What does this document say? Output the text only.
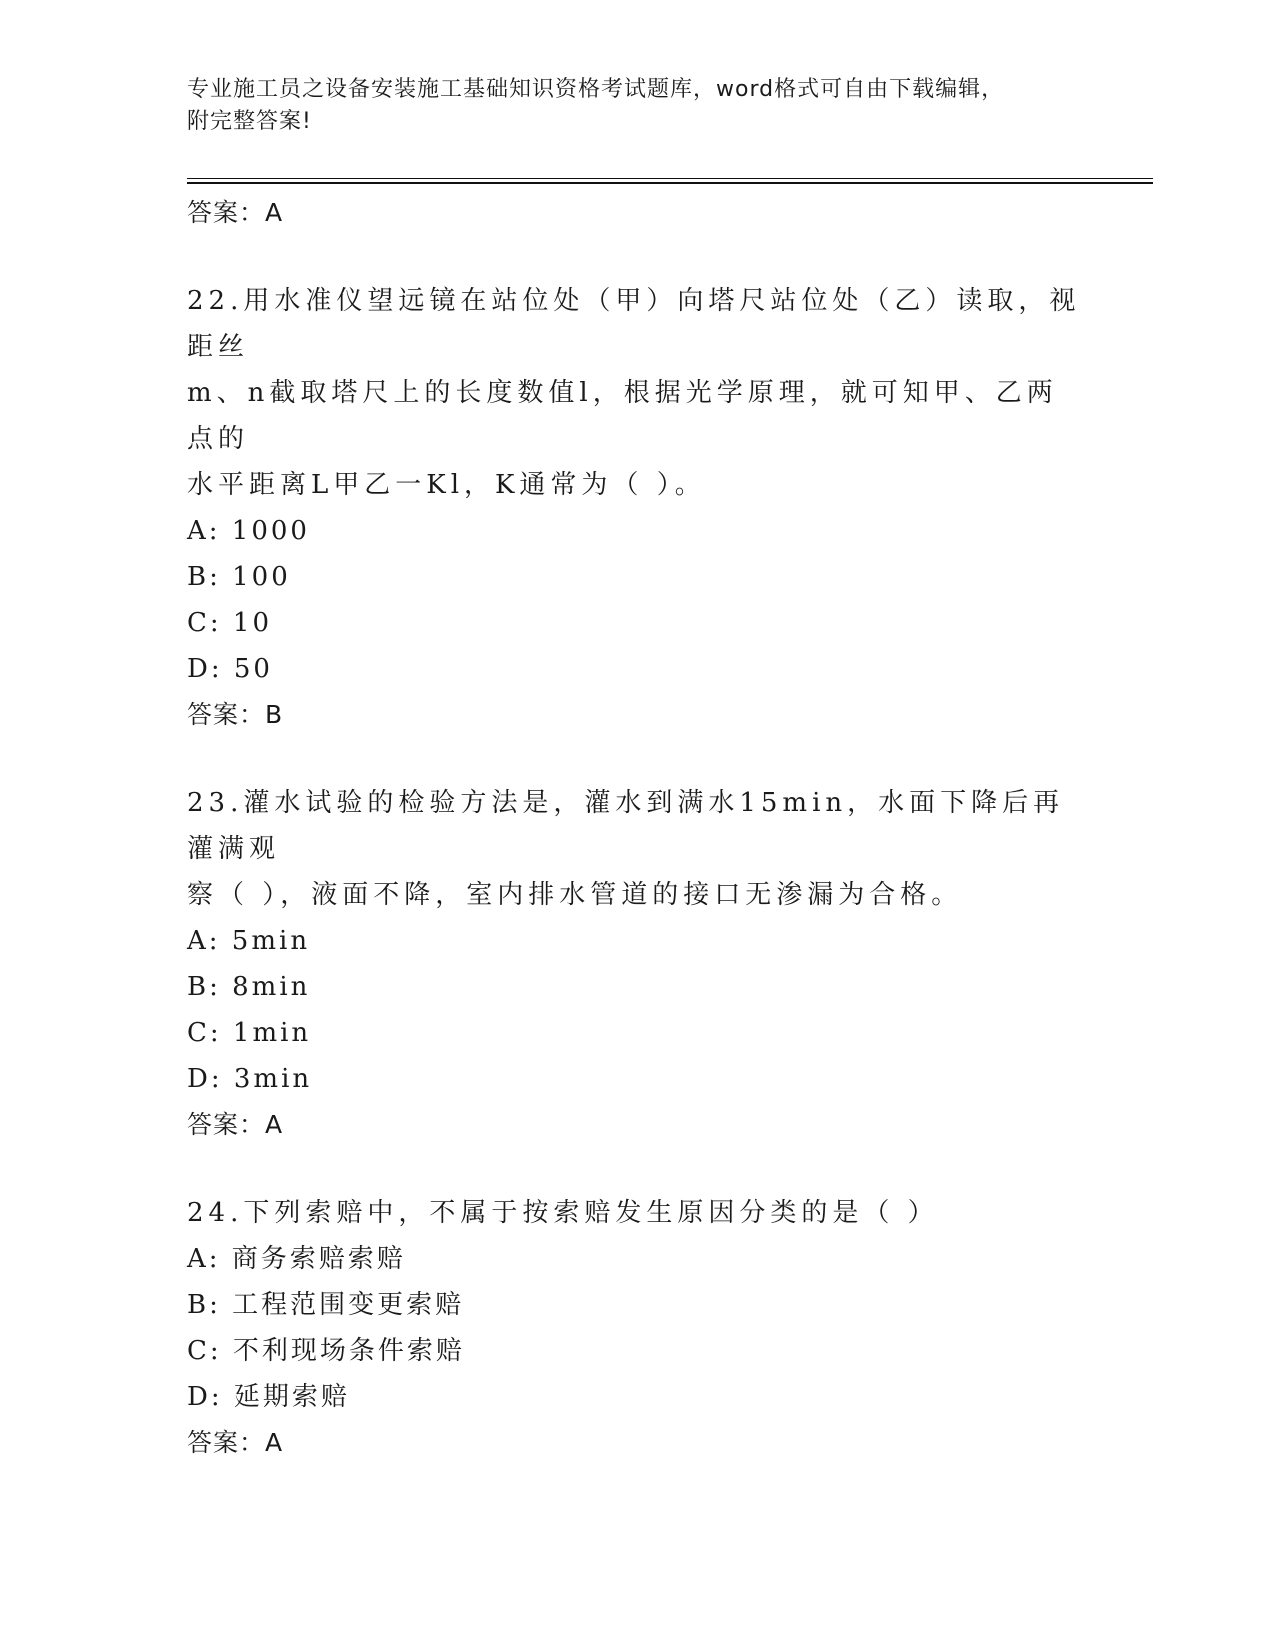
专业施工员之设备安装施工基础知识资格考试题库，word格式可自由下载编辑，
附完整答案!
答案：A
22.用水准仪望远镜在站位处（甲）向塔尺站位处（乙）读取，视距丝
m、n截取塔尺上的长度数值l，根据光学原理，就可知甲、乙两点的
水平距离L甲乙一Kl，K通常为（ ）。
A: 1000
B: 100
C: 10
D: 50
答案：B
23.灌水试验的检验方法是，灌水到满水15min，水面下降后再灌满观
察（ ），液面不降，室内排水管道的接口无渗漏为合格。
A: 5min
B: 8min
C: 1min
D: 3min
答案：A
24.下列索赔中，不属于按索赔发生原因分类的是（ ）
A: 商务索赔索赔
B: 工程范围变更索赔
C: 不利现场条件索赔
D: 延期索赔
答案：A
